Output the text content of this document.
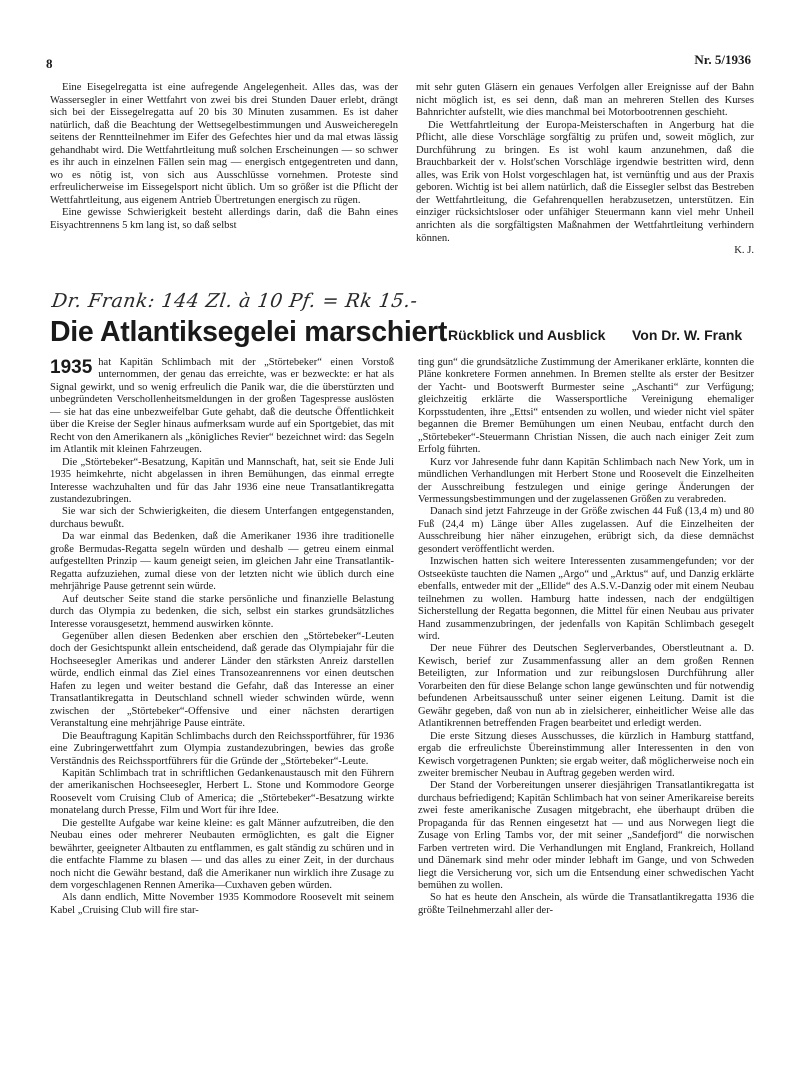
8	Nr. 5/1936

Eine Eisegelregatta ist eine aufregende Angelegenheit. Alles das, was der Wassersegler in einer Wettfahrt von zwei bis drei Stunden Dauer erlebt, drängt sich bei der Eissegelregatta auf 20 bis 30 Minuten zusammen. Es ist daher natürlich, daß die Beachtung der Wettsegelbestimmungen und Ausweicheregeln seitens der Renntteilnehmer im Eifer des Gefechtes hier und da mal etwas lässig gehandhabt wird. Die Wettfahrtleitung muß solchen Erscheinungen — so schwer es ihr auch in einzelnen Fällen sein mag — energisch entgegentreten und dann, wo es nötig ist, von sich aus Ausschlüsse vornehmen. Proteste sind erfreulicherweise im Eissegelsport nicht üblich. Um so größer ist die Pflicht der Wettfahrtleitung, aus eigenem Antrieb Übertretungen energisch zu rügen.

Eine gewisse Schwierigkeit besteht allerdings darin, daß die Bahn eines Eisyachtrennens 5 km lang ist, so daß selbst

mit sehr guten Gläsern ein genaues Verfolgen aller Ereignisse auf der Bahn nicht möglich ist, es sei denn, daß man an mehreren Stellen des Kurses Bahnrichter aufstellt, wie dies manchmal bei Motorbootrennen geschieht.

Die Wettfahrtleitung der Europa-Meisterschaften in Angerburg hat die Pflicht, alle diese Vorschläge sorgfältig zu prüfen und, soweit möglich, zur Durchführung zu bringen. Es ist wohl kaum anzunehmen, daß die Brauchbarkeit der v. Holst'schen Vorschläge irgendwie bestritten wird, denn alles, was Erik von Holst vorgeschlagen hat, ist vernünftig und aus der Praxis geboren. Wichtig ist bei allem natürlich, daß die Eissegler selbst das Bestreben der Wettfahrtleitung, die Gefahrenquellen herabzusetzen, unterstützen. Ein einziger rücksichtsloser oder unfähiger Steuermann kann viel mehr Unheil anrichten als die sorgfältigsten Maßnahmen der Wettfahrtleitung verhindern können.

K. J.
Dr. Frank: 144 Zl. à 10 Pf. = Rk 15.-
Die Atlantiksegelei marschiert Rückblick und Ausblick Von Dr. W. Frank

1935 hat Kapitän Schlimbach mit der „Störtebeker“ einen Vorstoß unternommen, der genau das erreichte, was er bezweckte: er hat als Signal gewirkt, und so wenig erfreulich die Panik war, die die überstürzten und unbegründeten Verschollenheitsmeldungen in der großen Tagespresse auslösten — sie hat das eine unbezweifelbar Gute gehabt, daß die deutsche Öffentlichkeit über die Kreise der Segler hinaus aufmerksam wurde auf ein Sportgebiet, das mit Recht von den Amerikanern als „königliches Revier“ bezeichnet wird: das Segeln im Atlantik mit kleinen Fahrzeugen.

Die „Störtebeker“-Besatzung, Kapitän und Mannschaft, hat, seit sie Ende Juli 1935 heimkehrte, nicht abgelassen in ihren Bemühungen, das einmal erregte Interesse wachzuhalten und für das Jahr 1936 eine neue Transatlantikregatta zustandezubringen.

Sie war sich der Schwierigkeiten, die diesem Unterfangen entgegenstanden, durchaus bewußt.

Da war einmal das Bedenken, daß die Amerikaner 1936 ihre traditionelle große Bermudas-Regatta segeln würden und deshalb — getreu einem einmal aufgestellten Prinzip — kaum geneigt seien, im gleichen Jahr eine Transatlantik-Regatta aufzuziehen, zumal diese von der letzten nicht wie üblich durch eine mehrjährige Pause getrennt sein würde.

Auf deutscher Seite stand die starke persönliche und finanzielle Belastung durch das Olympia zu bedenken, die sich, selbst ein starkes grundsätzliches Interesse vorausgesetzt, hemmend auswirken könnte.

Gegenüber allen diesen Bedenken aber erschien den „Störtebeker“-Leuten doch der Gesichtspunkt allein entscheidend, daß gerade das Olympiajahr für die Hochseesegler Amerikas und anderer Länder den stärksten Anreiz darstellen würde, endlich einmal das Ziel eines Transozeanrennens vor einen deutschen Hafen zu legen und weiter bestand die Gefahr, daß das Interesse an einer Transatlantikregatta in Deutschland schnell wieder schwinden würde, wenn zwischen der „Störtebeker“-Offensive und einer nächsten derartigen Veranstaltung eine mehrjährige Pause einträte.

Die Beauftragung Kapitän Schlimbachs durch den Reichssportführer, für 1936 eine Zubringerwettfahrt zum Olympia zustandezubringen, bewies das große Verständnis des Reichssportführers für die Gründe der „Störtebeker“-Leute.

Kapitän Schlimbach trat in schriftlichen Gedankenaustausch mit den Führern der amerikanischen Hochseesegler, Herbert L. Stone und Kommodore George Roosevelt vom Cruising Club of America; die „Störtebeker“-Besatzung wirkte monatelang durch Presse, Film und Wort für ihre Idee.

Die gestellte Aufgabe war keine kleine: es galt Männer aufzutreiben, die den Neubau eines oder mehrerer Neubauten ermöglichten, es galt die Eigner bewährter, geeigneter Altbauten zu entflammen, es galt ständig zu schüren und in die entfachte Flamme zu blasen — und das alles zu einer Zeit, in der durchaus noch nicht die Gewähr bestand, daß die Amerikaner nun wirklich ihre Zusage zu dem vorgeschlagenen Rennen Amerika—Cuxhaven geben würden.

Als dann endlich, Mitte November 1935 Kommodore Roosevelt mit seinem Kabel „Cruising Club will fire star-

ting gun“ die grundsätzliche Zustimmung der Amerikaner erklärte, konnten die Pläne konkretere Formen annehmen. In Bremen stellte als erster der Besitzer der Yacht- und Bootswerft Burmester seine „Aschanti“ zur Verfügung; gleichzeitig erklärte die Wassersportliche Vereinigung ehemaliger Korpsstudenten, ihre „Ettsi“ entsenden zu wollen, und wieder nicht viel später begannen die Bremer Bemühungen um einen Neubau, entfacht durch den „Störtebeker“-Steuermann Christian Nissen, die auch nach einiger Zeit zum Erfolg führten.

Kurz vor Jahresende fuhr dann Kapitän Schlimbach nach New York, um in mündlichen Verhandlungen mit Herbert Stone und Roosevelt die Einzelheiten der Ausschreibung festzulegen und einige geringe Änderungen der Vermessungsbestimmungen und der zugelassenen Größen zu verabreden.

Danach sind jetzt Fahrzeuge in der Größe zwischen 44 Fuß (13,4 m) und 80 Fuß (24,4 m) Länge über Alles zugelassen. Auf die Einzelheiten der Ausschreibung hier näher einzugehen, erübrigt sich, da diese demnächst gesondert veröffentlicht werden.

Inzwischen hatten sich weitere Interessenten zusammengefunden; vor der Ostseeküste tauchten die Namen „Argo“ und „Arktus“ auf, und Danzig erklärte ebenfalls, entweder mit der „Ellide“ des A.S.V.-Danzig oder mit einem Neubau teilnehmen zu wollen. Hamburg hatte indessen, nach der endgültigen Sicherstellung der Regatta begonnen, die Mittel für einen Neubau aus privater Hand zusammenzubringen, der jedenfalls von Kapitän Schlimbach gesegelt wird.

Der neue Führer des Deutschen Seglerverbandes, Oberstleutnant a. D. Kewisch, berief zur Zusammenfassung aller an dem großen Rennen Beteiligten, zur Information und zur reibungslosen Durchführung aller Vorarbeiten den für diese Belange schon lange gewünschten und für notwendig befundenen Arbeitsausschuß unter seiner eigenen Leitung. Damit ist die Gewähr gegeben, daß von nun ab in zielsicherer, einheitlicher Weise alle das Atlantikrennen betreffenden Fragen bearbeitet und erledigt werden.

Die erste Sitzung dieses Ausschusses, die kürzlich in Hamburg stattfand, ergab die erfreulichste Übereinstimmung aller Interessenten in den von Kewisch vorgetragenen Punkten; sie ergab weiter, daß möglicherweise noch ein zweiter bremischer Neubau in Auftrag gegeben werden wird.

Der Stand der Vorbereitungen unserer diesjährigen Transatlantikregatta ist durchaus befriedigend; Kapitän Schlimbach hat von seiner Amerikareise bereits zwei feste amerikanische Zusagen mitgebracht, ehe überhaupt drüben die Propaganda für das Rennen eingesetzt hat — und aus Norwegen liegt die Zusage von Erling Tambs vor, der mit seiner „Sandefjord“ die norwischen Farben vertreten wird. Die Verhandlungen mit England, Frankreich, Holland und Dänemark sind mehr oder minder lebhaft im Gange, und von Schweden liegt die Versicherung vor, sich um die Entsendung einer schwedischen Yacht bemühen zu wollen.

So hat es heute den Anschein, als würde die Transatlantikregatta 1936 die größte Teilnehmerzahl aller der-
